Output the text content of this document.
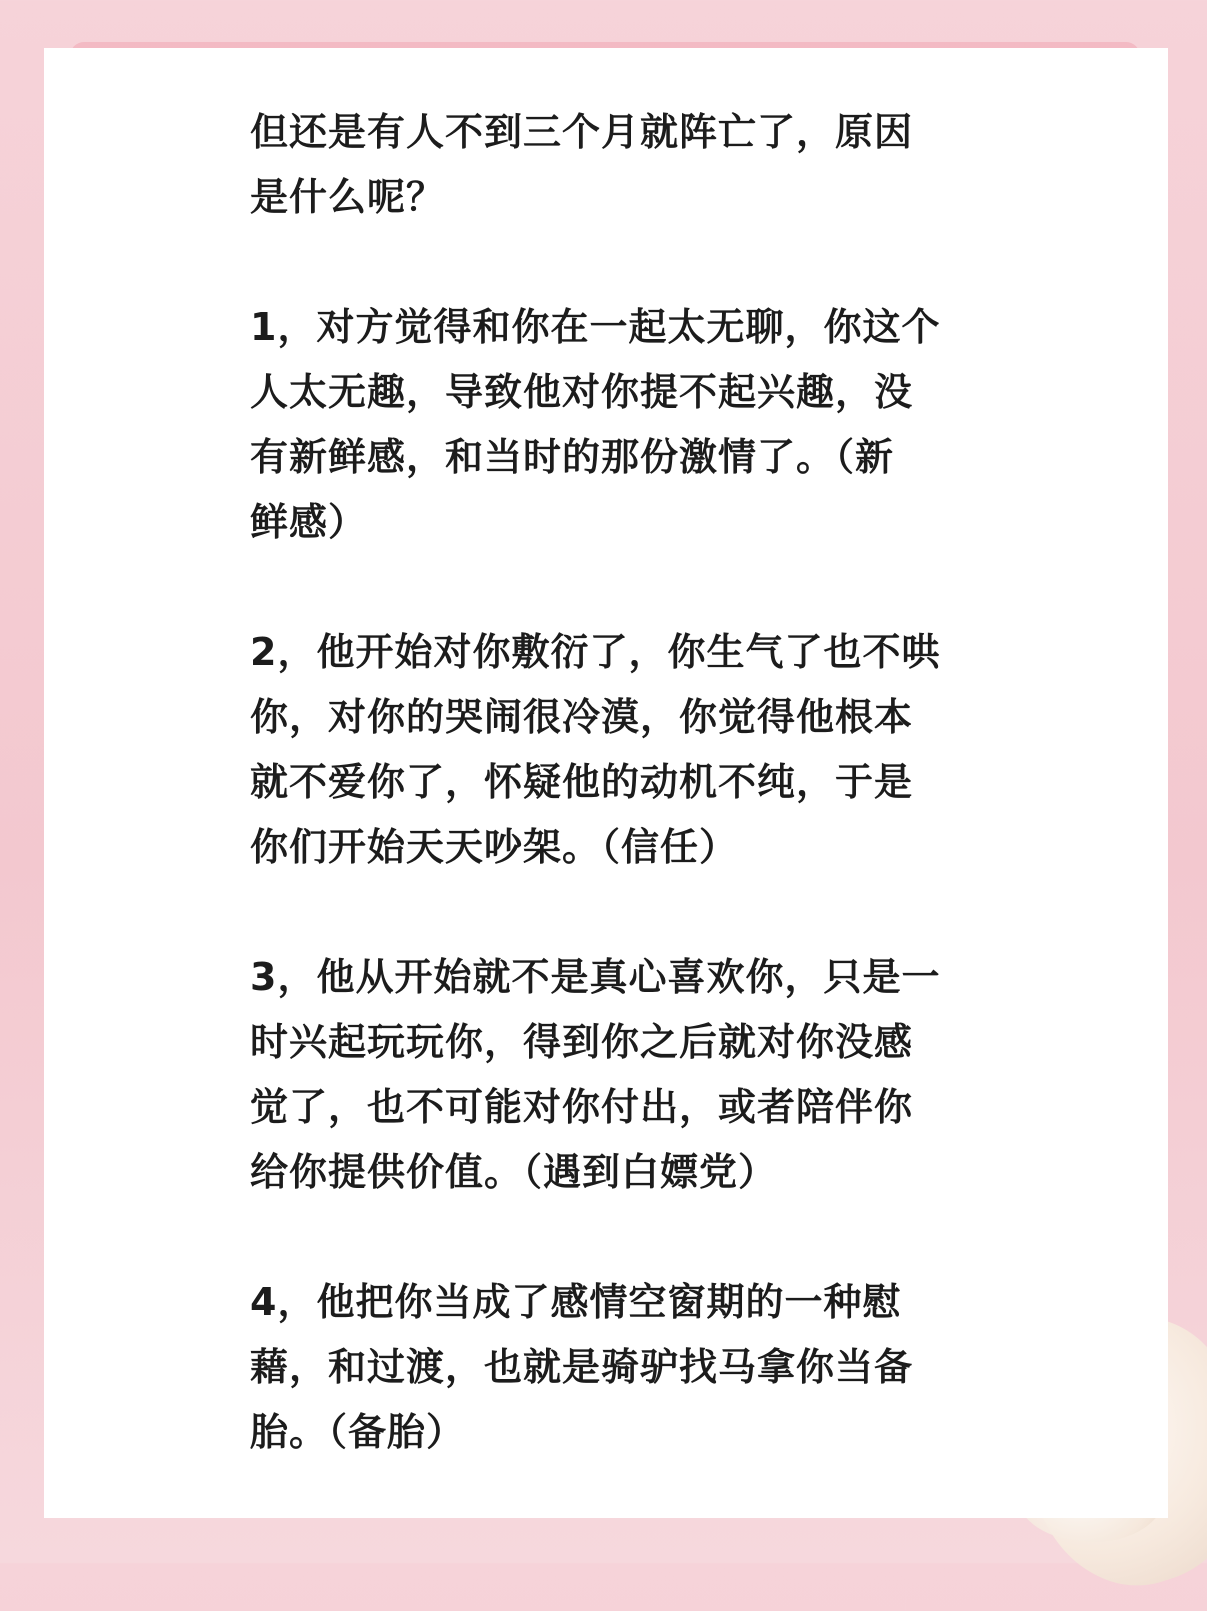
但还是有人不到三个月就阵亡了，原因
是什么呢？

1，对方觉得和你在一起太无聊，你这个
人太无趣，导致他对你提不起兴趣，没
有新鲜感，和当时的那份激情了。（新
鲜感）

2，他开始对你敷衍了，你生气了也不哄
你，对你的哭闹很冷漠，你觉得他根本
就不爱你了，怀疑他的动机不纯，于是
你们开始天天吵架。（信任）

3，他从开始就不是真心喜欢你，只是一
时兴起玩玩你，得到你之后就对你没感
觉了，也不可能对你付出，或者陪伴你
给你提供价值。（遇到白嫖党）

4，他把你当成了感情空窗期的一种慰
藉，和过渡，也就是骑驴找马拿你当备
胎。（备胎）
